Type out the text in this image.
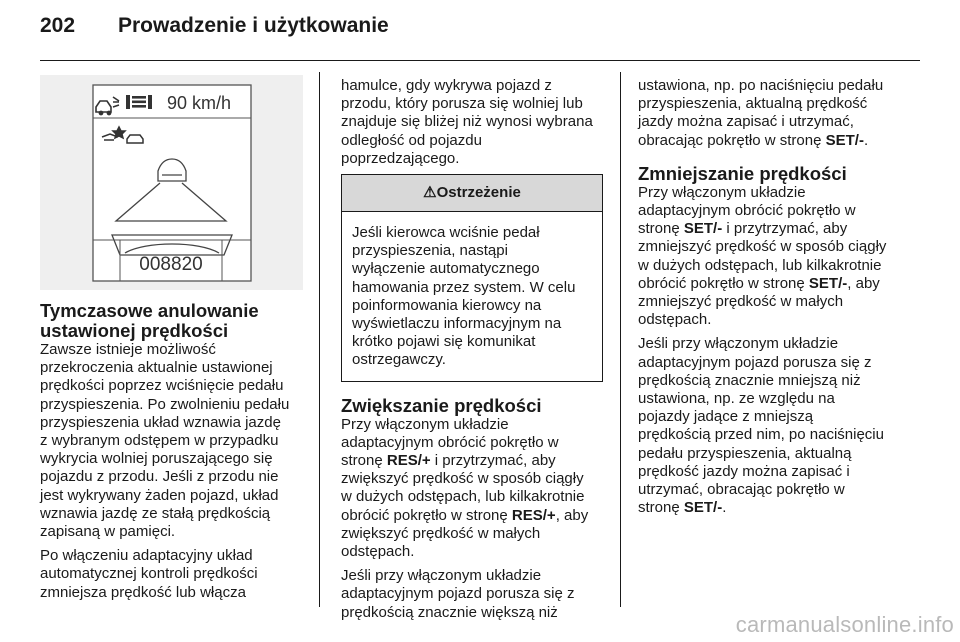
202 Prowadzenie i użytkowanie
90 km/h
008820
Tymczasowe anulowanie
ustawionej prędkości

Zawsze istnieje możliwość
przekroczenia aktualnie ustawionej
prędkości poprzez wciśnięcie pedału
przyspieszenia. Po zwolnieniu pedału
przyspieszenia układ wznawia jazdę
z wybranym odstępem w przypadku
wykrycia wolniej poruszającego się
pojazdu z przodu. Jeśli z przodu nie
jest wykrywany żaden pojazd, układ
wznawia jazdę ze stałą prędkością
zapisaną w pamięci.

Po włączeniu adaptacyjny układ
automatycznej kontroli prędkości
zmniejsza prędkość lub włącza

hamulce, gdy wykrywa pojazd z
przodu, który porusza się wolniej lub
znajduje się bliżej niż wynosi wybrana
odległość od pojazdu
poprzedzającego.

⚠Ostrzeżenie
Jeśli kierowca wciśnie pedał
przyspieszenia, nastąpi
wyłączenie automatycznego
hamowania przez system. W celu
poinformowania kierowcy na
wyświetlaczu informacyjnym na
krótko pojawi się komunikat
ostrzegawczy.
Zwiększanie prędkości

Przy włączonym układzie
adaptacyjnym obrócić pokrętło w
stronę RES/+ i przytrzymać, aby
zwiększyć prędkość w sposób ciągły
w dużych odstępach, lub kilkakrotnie
obrócić pokrętło w stronę RES/+, aby
zwiększyć prędkość w małych
odstępach.

Jeśli przy włączonym układzie
adaptacyjnym pojazd porusza się z
prędkością znacznie większą niż

ustawiona, np. po naciśnięciu pedału
przyspieszenia, aktualną prędkość
jazdy można zapisać i utrzymać,
obracając pokrętło w stronę SET/-.

Zmniejszanie prędkości

Przy włączonym układzie
adaptacyjnym obrócić pokrętło w
stronę SET/- i przytrzymać, aby
zmniejszyć prędkość w sposób ciągły
w dużych odstępach, lub kilkakrotnie
obrócić pokrętło w stronę SET/-, aby
zmniejszyć prędkość w małych
odstępach.

Jeśli przy włączonym układzie
adaptacyjnym pojazd porusza się z
prędkością znacznie mniejszą niż
ustawiona, np. ze względu na
pojazdy jadące z mniejszą
prędkością przed nim, po naciśnięciu
pedału przyspieszenia, aktualną
prędkość jazdy można zapisać i
utrzymać, obracając pokrętło w
stronę SET/-.

carmanualsonline.info
